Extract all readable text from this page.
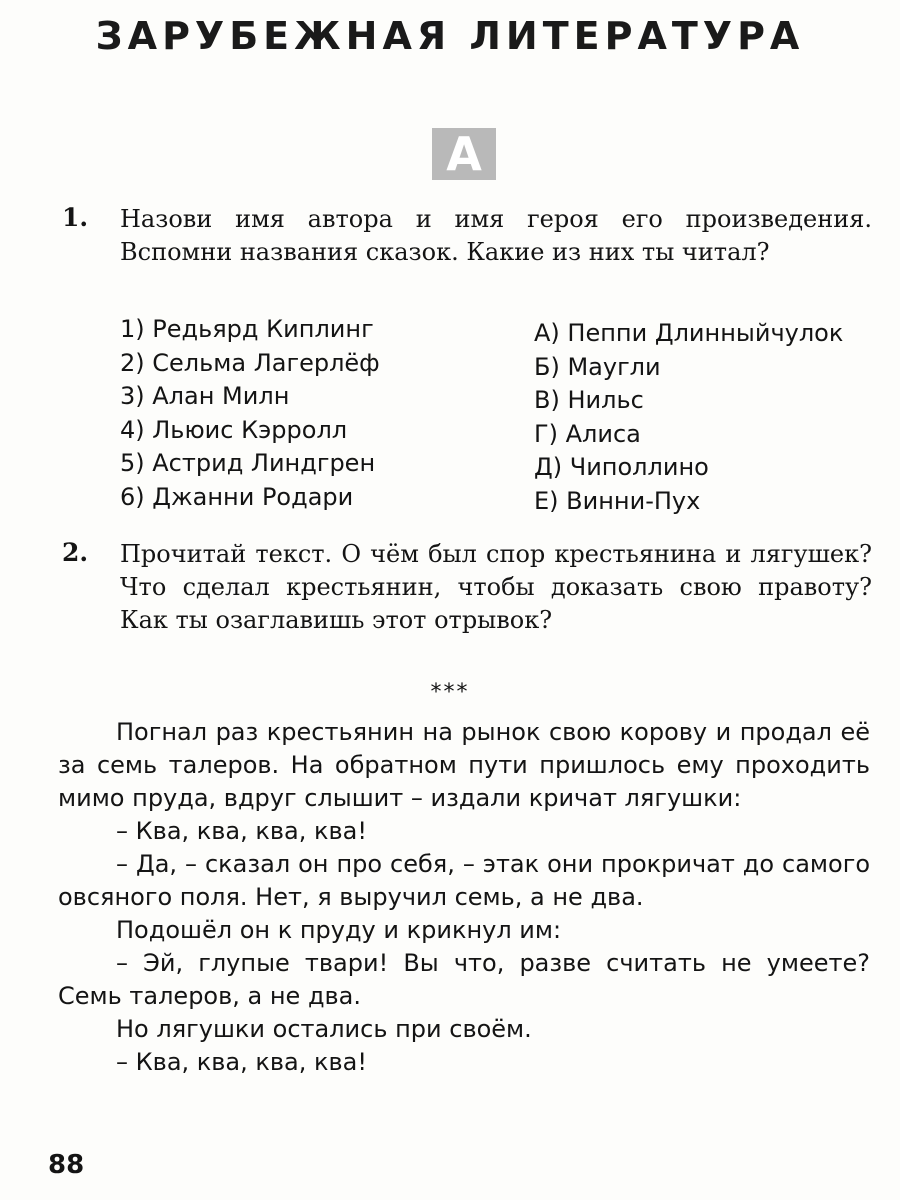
ЗАРУБЕЖНАЯ ЛИТЕРАТУРА
А
1. Назови имя автора и имя героя его произведения. Вспомни названия сказок. Какие из них ты читал?
1) Редьярд Киплинг
2) Сельма Лагерлёф
3) Алан Милн
4) Льюис Кэрролл
5) Астрид Линдгрен
6) Джанни Родари
А) Пеппи Длинныйчулок
Б) Маугли
В) Нильс
Г) Алиса
Д) Чиполлино
Е) Винни-Пух
2. Прочитай текст. О чём был спор крестьянина и лягушек? Что сделал крестьянин, чтобы доказать свою правоту? Как ты озаглавишь этот отрывок?
***

Погнал раз крестьянин на рынок свою корову и продал её за семь талеров. На обратном пути пришлось ему проходить мимо пруда, вдруг слышит – издали кричат лягушки:

– Ква, ква, ква, ква!

– Да, – сказал он про себя, – этак они прокричат до самого овсяного поля. Нет, я выручил семь, а не два.

Подошёл он к пруду и крикнул им:

– Эй, глупые твари! Вы что, разве считать не умеете? Семь талеров, а не два.

Но лягушки остались при своём.

– Ква, ква, ква, ква!

88
